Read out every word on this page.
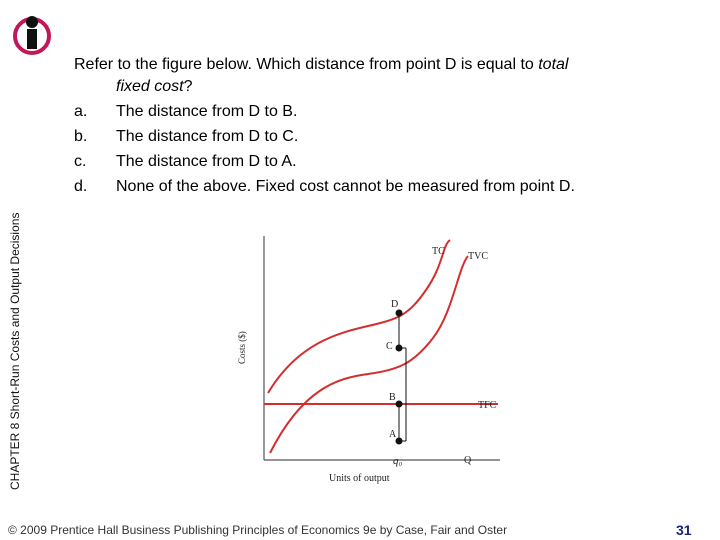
CHAPTER 8 Short-Run Costs and Output Decisions
Refer to the figure below. Which distance from point D is equal to total
fixed cost?
a.	The distance from D to B.
b.	The distance from D to C.
c.	The distance from D to A.
d.	None of the above. Fixed cost cannot be measured from point D.
D
C
B
A
TC TVC
TFC
q₀	Q
Costs ($)
Units of output
© 2009 Prentice Hall Business Publishing Principles of Economics 9e by Case, Fair and Oster	31
